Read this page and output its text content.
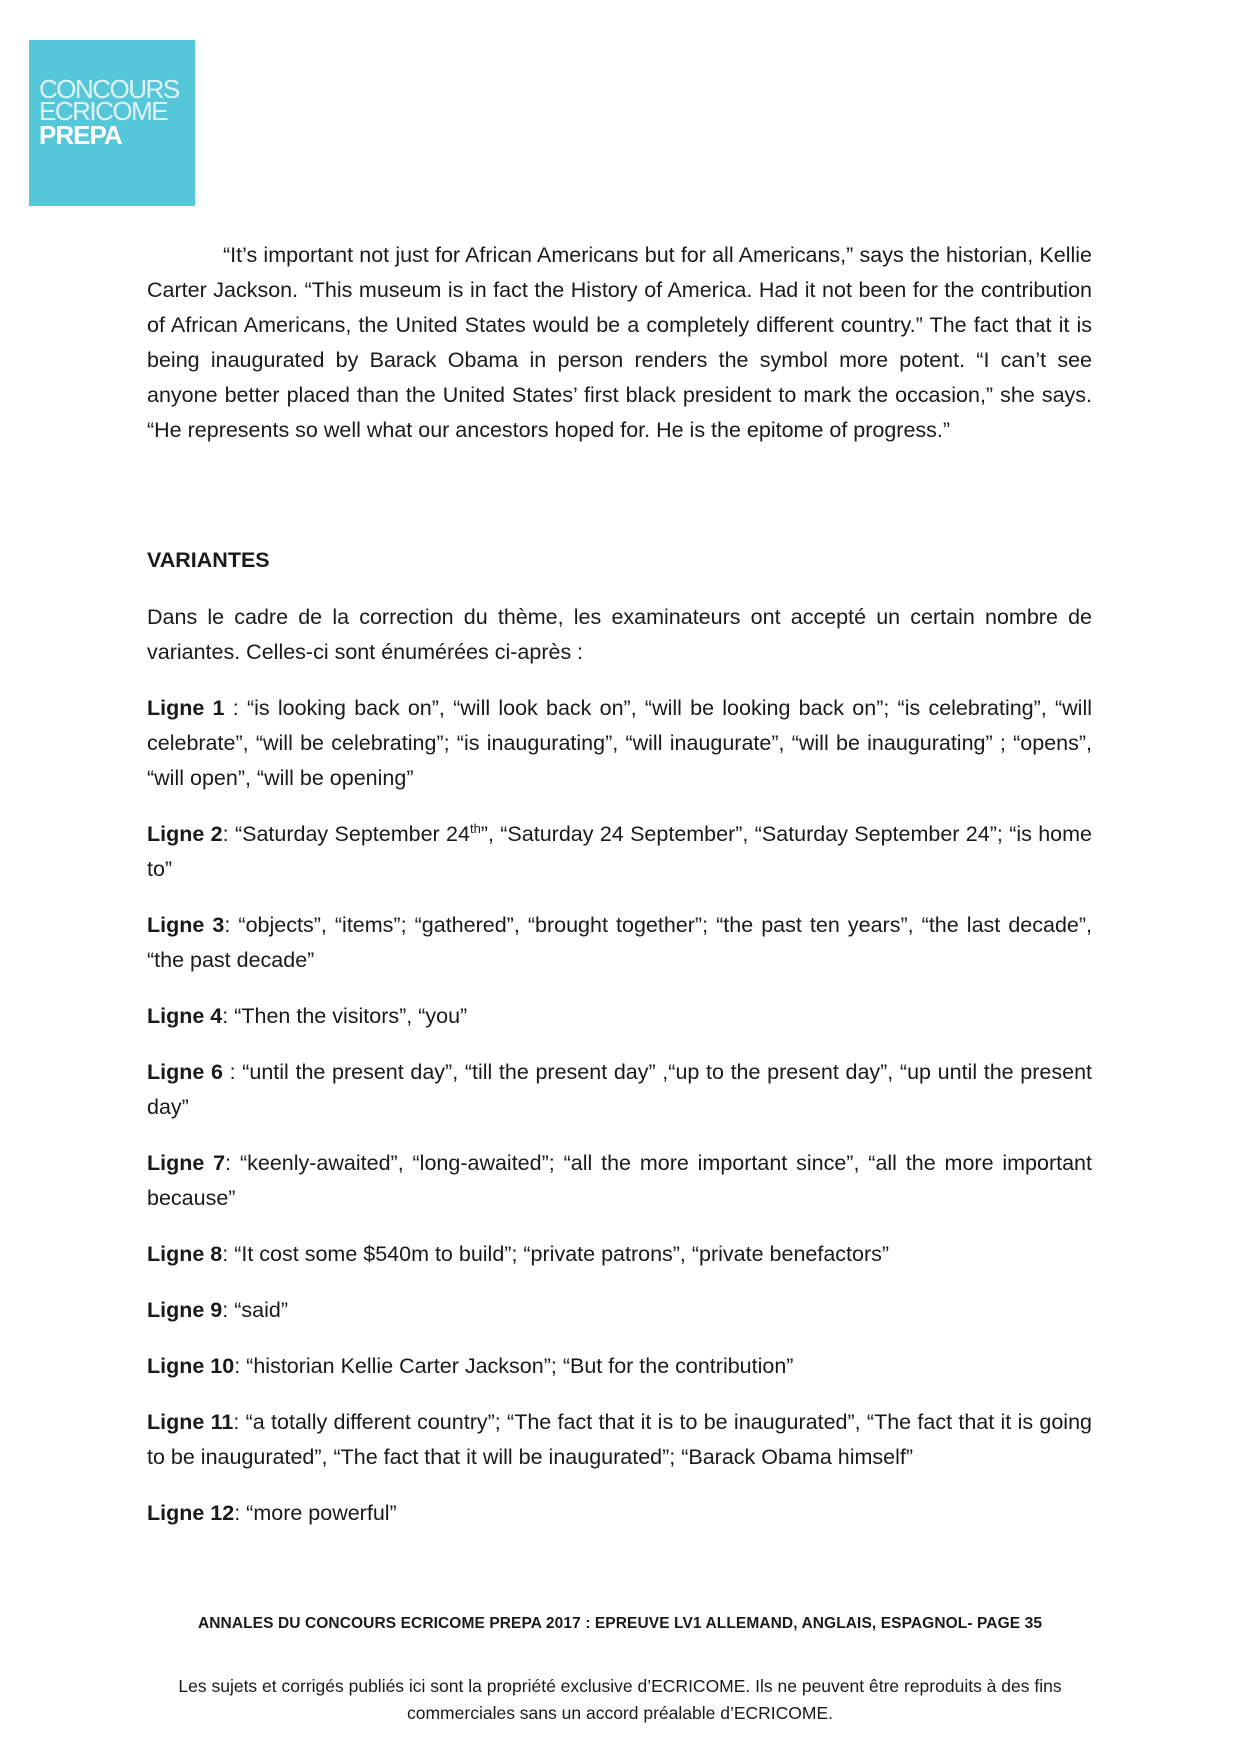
CONCOURS
ECRICOME
PREPA

“It’s important not just for African Americans but for all Americans,” says the historian, Kellie Carter Jackson. “This museum is in fact the History of America. Had it not been for the contribution of African Americans, the United States would be a completely different country.” The fact that it is being inaugurated by Barack Obama in person renders the symbol more potent. “I can’t see anyone better placed than the United States’ first black president to mark the occasion,” she says. “He represents so well what our ancestors hoped for. He is the epitome of progress.”

VARIANTES

Dans le cadre de la correction du thème, les examinateurs ont accepté un certain nombre de variantes. Celles-ci sont énumérées ci-après :

Ligne 1 : “is looking back on”, “will look back on”, “will be looking back on”; “is celebrating”, “will celebrate”, “will be celebrating”; “is inaugurating”, “will inaugurate”, “will be inaugurating” ; “opens”, “will open”, “will be opening”

Ligne 2: “Saturday September 24th”, “Saturday 24 September”, “Saturday September 24”; “is home to”

Ligne 3: “objects”, “items”; “gathered”, “brought together”; “the past ten years”, “the last decade”, “the past decade”

Ligne 4: “Then the visitors”, “you”

Ligne 6 : “until the present day”, “till the present day” ,“up to the present day”, “up until the present day”

Ligne 7: “keenly-awaited”, “long-awaited”; “all the more important since”, “all the more important because”

Ligne 8: “It cost some $540m to build”; “private patrons”, “private benefactors”

Ligne 9: “said”

Ligne 10: “historian Kellie Carter Jackson”; “But for the contribution”

Ligne 11: “a totally different country”; “The fact that it is to be inaugurated”, “The fact that it is going to be inaugurated”, “The fact that it will be inaugurated”; “Barack Obama himself”

Ligne 12: “more powerful”

ANNALES DU CONCOURS ECRICOME PREPA 2017 : EPREUVE LV1 ALLEMAND, ANGLAIS, ESPAGNOL- PAGE 35
Les sujets et corrigés publiés ici sont la propriété exclusive d’ECRICOME. Ils ne peuvent être reproduits à des fins commerciales sans un accord préalable d’ECRICOME.
